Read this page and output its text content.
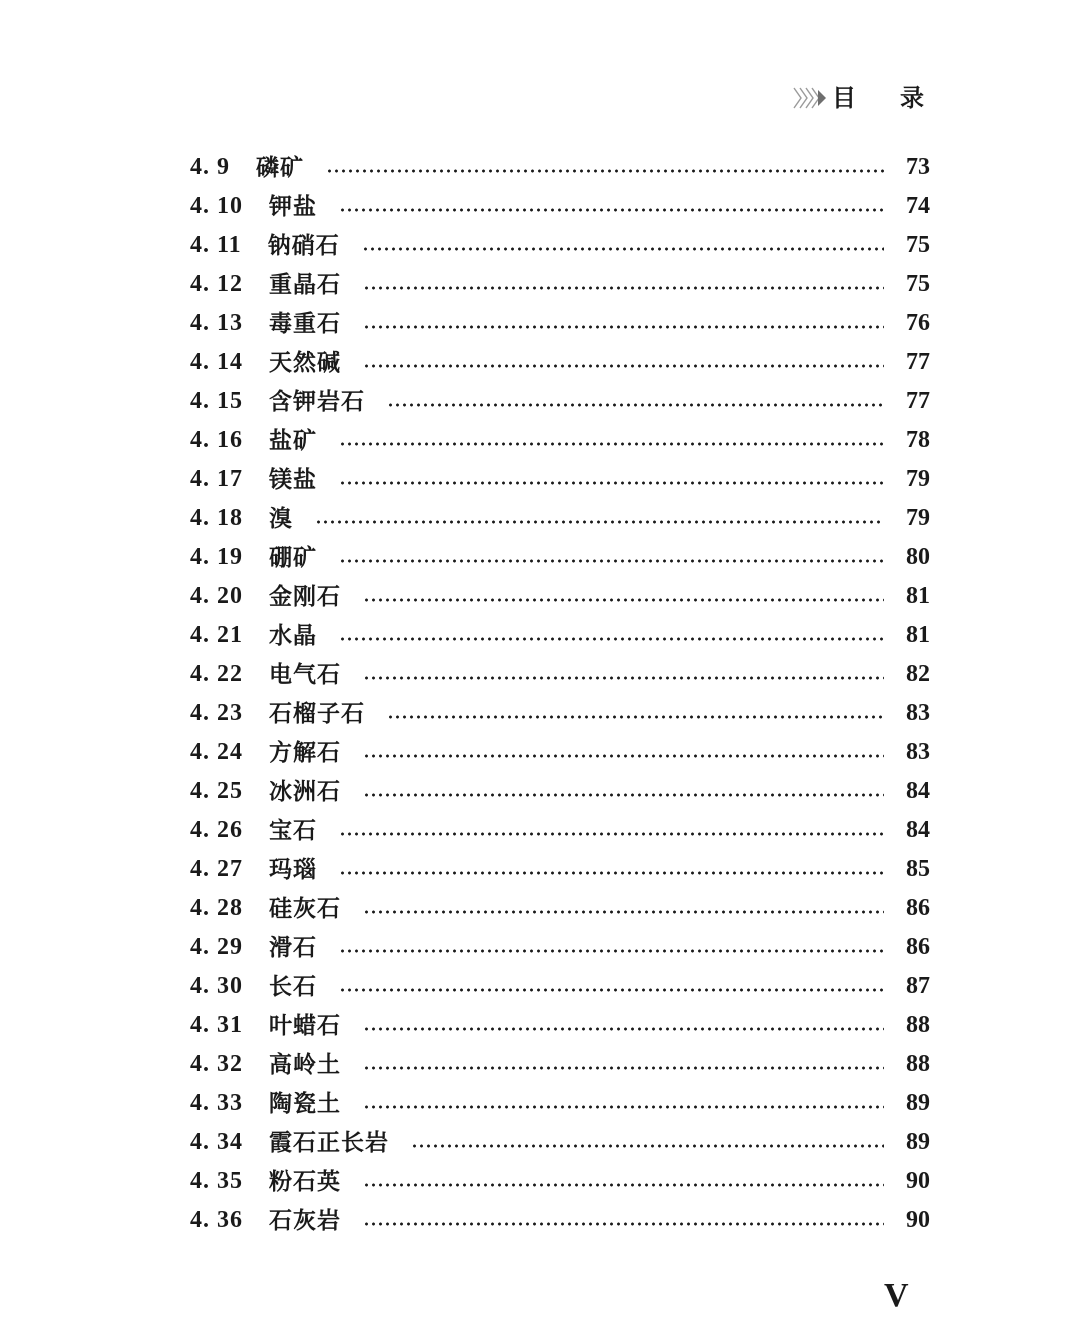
目 录
4. 9 磷矿	73
4. 10 钾盐	74
4. 11 钠硝石	75
4. 12 重晶石	75
4. 13 毒重石	76
4. 14 天然碱	77
4. 15 含钾岩石	77
4. 16 盐矿	78
4. 17 镁盐	79
4. 18 溴	79
4. 19 硼矿	80
4. 20 金刚石	81
4. 21 水晶	81
4. 22 电气石	82
4. 23 石榴子石	83
4. 24 方解石	83
4. 25 冰洲石	84
4. 26 宝石	84
4. 27 玛瑙	85
4. 28 硅灰石	86
4. 29 滑石	86
4. 30 长石	87
4. 31 叶蜡石	88
4. 32 高岭土	88
4. 33 陶瓷土	89
4. 34 霞石正长岩	89
4. 35 粉石英	90
4. 36 石灰岩	90
V
